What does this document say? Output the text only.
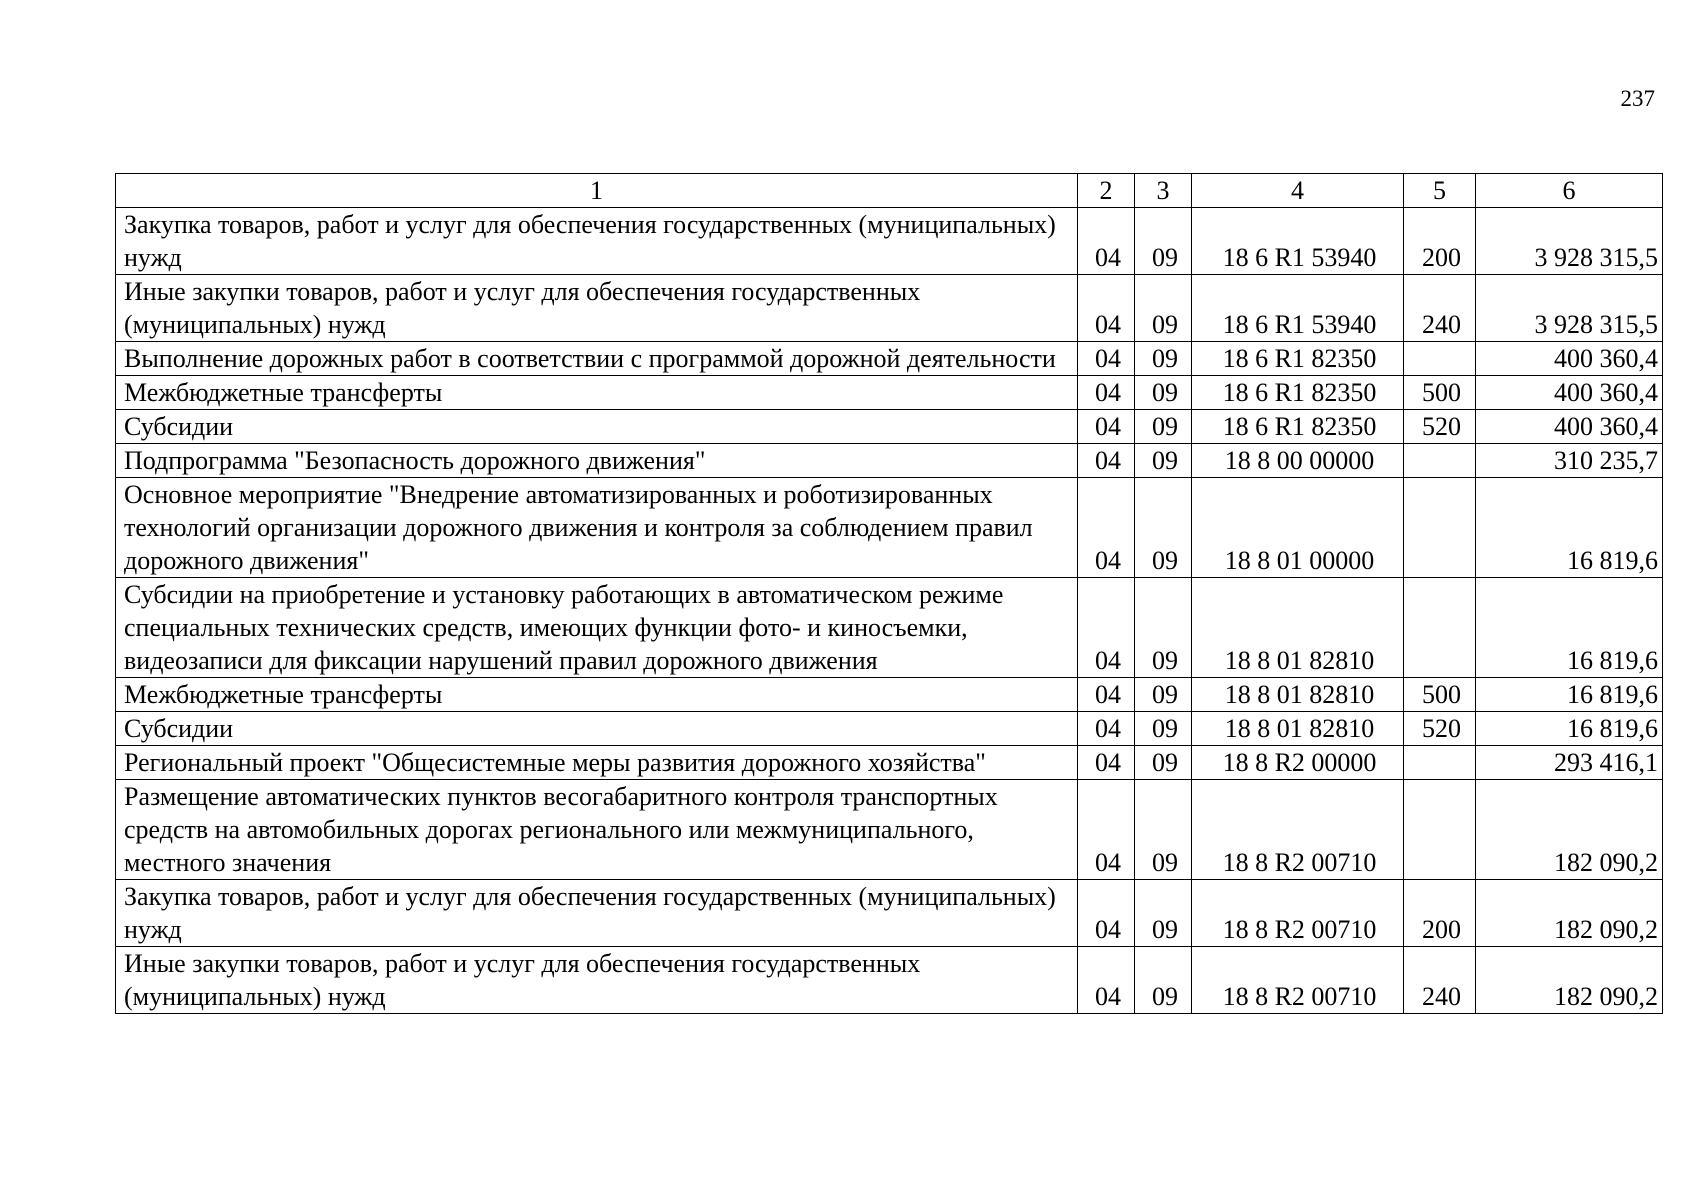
237
1	2	3	4	5	6
Закупка товаров, работ и услуг для обеспечения государственных (муниципальных) нужд	04	09	18 6 R1 53940	200	3 928 315,5
Иные закупки товаров, работ и услуг для обеспечения государственных (муниципальных) нужд	04	09	18 6 R1 53940	240	3 928 315,5
Выполнение дорожных работ в соответствии с программой дорожной деятельности	04	09	18 6 R1 82350		400 360,4
Межбюджетные трансферты	04	09	18 6 R1 82350	500	400 360,4
Субсидии	04	09	18 6 R1 82350	520	400 360,4
Подпрограмма "Безопасность дорожного движения"	04	09	18 8 00 00000		310 235,7
Основное мероприятие "Внедрение автоматизированных и роботизированных технологий организации дорожного движения и контроля за соблюдением правил дорожного движения"	04	09	18 8 01 00000		16 819,6
Субсидии на приобретение и установку работающих в автоматическом режиме специальных технических средств, имеющих функции фото- и киносъемки, видеозаписи для фиксации нарушений правил дорожного движения	04	09	18 8 01 82810		16 819,6
Межбюджетные трансферты	04	09	18 8 01 82810	500	16 819,6
Субсидии	04	09	18 8 01 82810	520	16 819,6
Региональный проект "Общесистемные меры развития дорожного хозяйства"	04	09	18 8 R2 00000		293 416,1
Размещение автоматических пунктов весогабаритного контроля транспортных средств на автомобильных дорогах регионального или межмуниципального, местного значения	04	09	18 8 R2 00710		182 090,2
Закупка товаров, работ и услуг для обеспечения государственных (муниципальных) нужд	04	09	18 8 R2 00710	200	182 090,2
Иные закупки товаров, работ и услуг для обеспечения государственных (муниципальных) нужд	04	09	18 8 R2 00710	240	182 090,2
